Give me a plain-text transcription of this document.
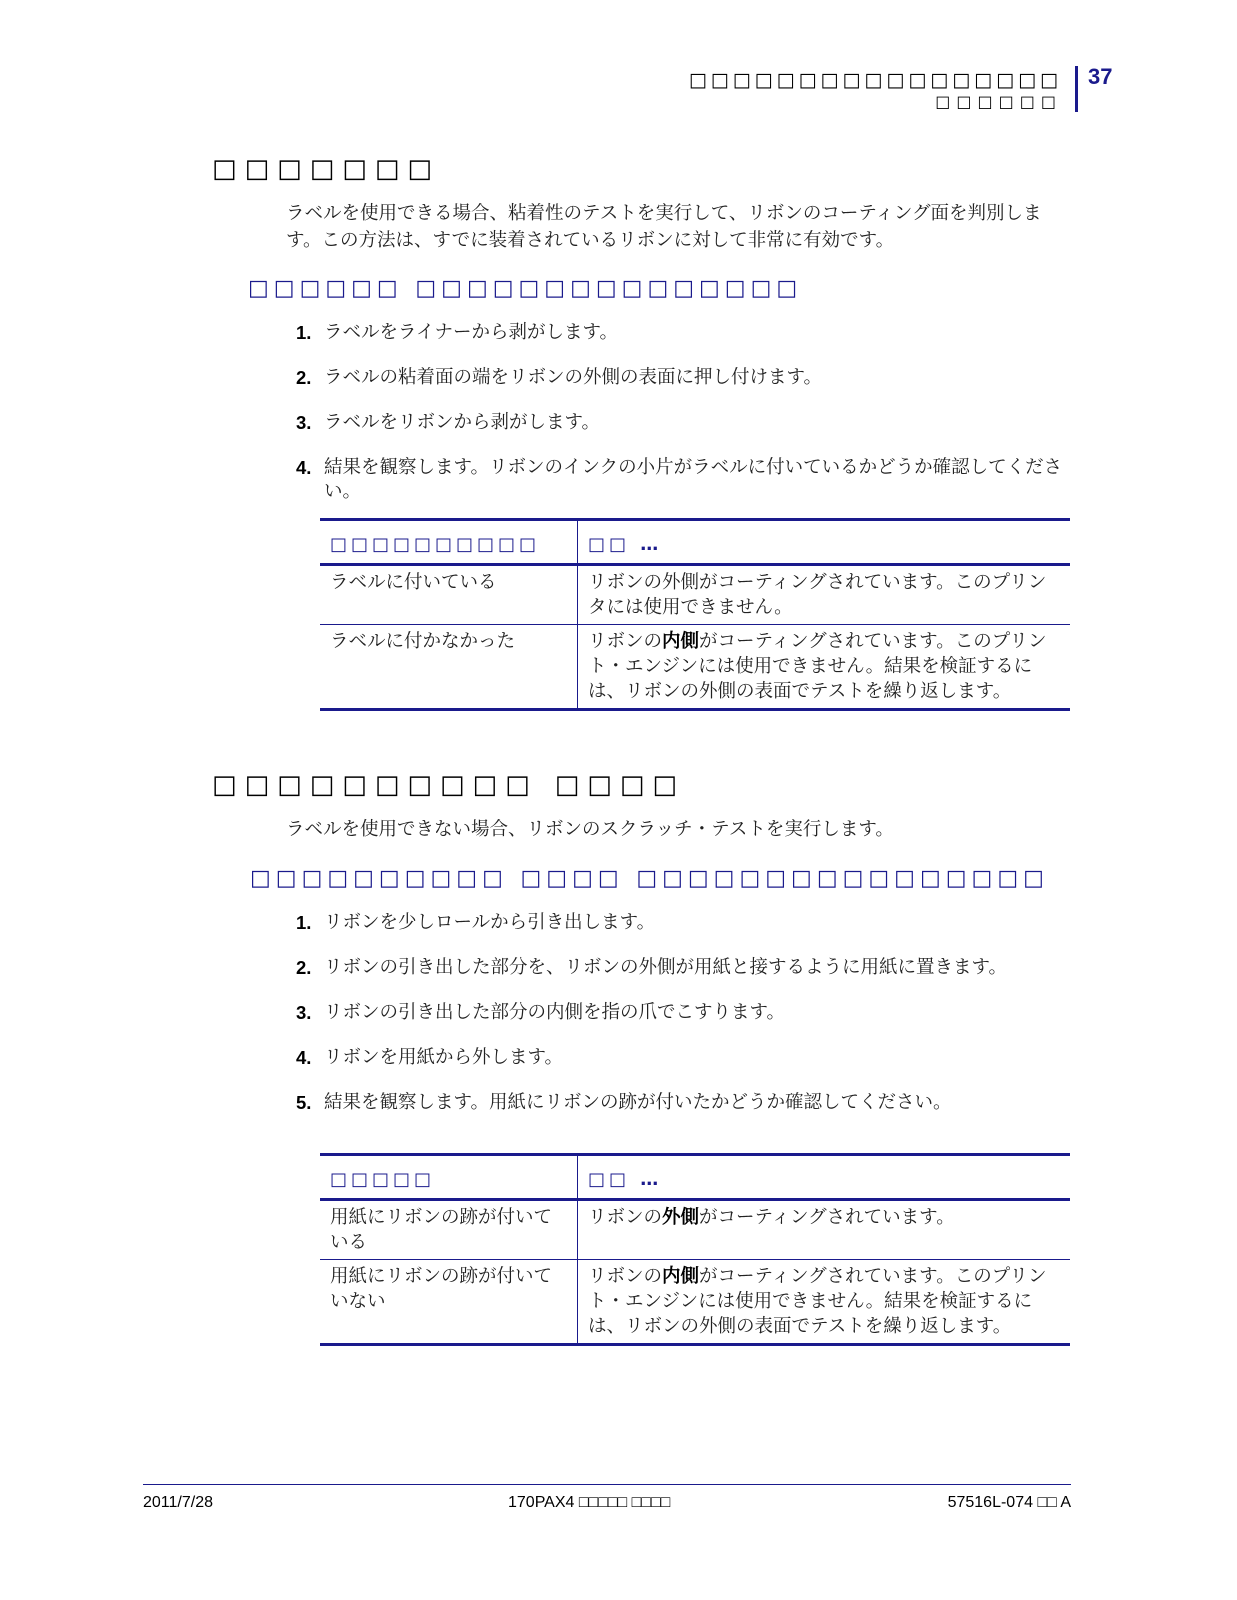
□□□□□□□□□□□□□□□□□
□□□□□□
37
□□□□□□□
ラベルを使用できる場合、粘着性のテストを実行して、リボンのコーティング面を判別します。この方法は、すでに装着されているリボンに対して非常に有効です。
□□□□□□ □□□□□□□□□□□□□□□
1. ラベルをライナーから剥がします。
2. ラベルの粘着面の端をリボンの外側の表面に押し付けます。
3. ラベルをリボンから剥がします。
4. 結果を観察します。リボンのインクの小片がラベルに付いているかどうか確認してください。
□□□□□□□□□□	□□ …
ラベルに付いている	リボンの外側がコーティングされています。このプリンタには使用できません。
ラベルに付かなかった	リボンの内側がコーティングされています。このプリント・エンジンには使用できません。結果を検証するには、リボンの外側の表面でテストを繰り返します。
□□□□□□□□□□ □□□□
ラベルを使用できない場合、リボンのスクラッチ・テストを実行します。
□□□□□□□□□□ □□□□ □□□□□□□□□□□□□□□□
1. リボンを少しロールから引き出します。
2. リボンの引き出した部分を、リボンの外側が用紙と接するように用紙に置きます。
3. リボンの引き出した部分の内側を指の爪でこすります。
4. リボンを用紙から外します。
5. 結果を観察します。用紙にリボンの跡が付いたかどうか確認してください。
□□□□□	□□ …
用紙にリボンの跡が付いている	リボンの外側がコーティングされています。
用紙にリボンの跡が付いていない	リボンの内側がコーティングされています。このプリント・エンジンには使用できません。結果を検証するには、リボンの外側の表面でテストを繰り返します。
2011/7/28	170PAX4 □□□□□ □□□□	57516L-074 □□ A
